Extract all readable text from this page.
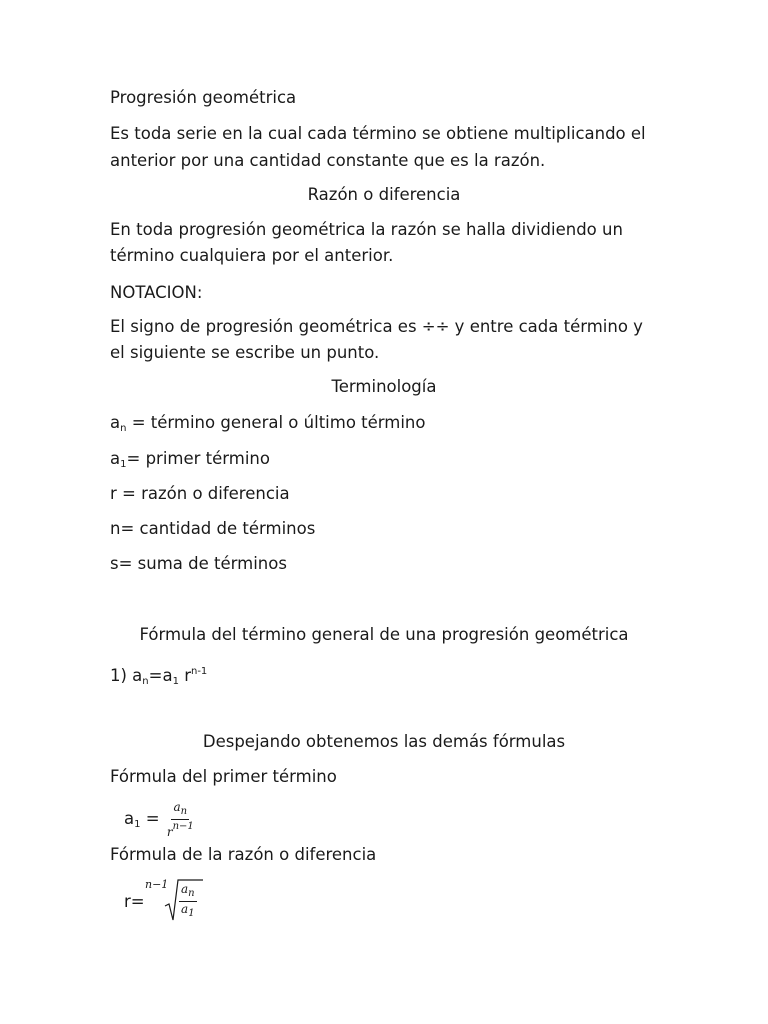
Progresión geométrica
Es toda serie en la cual cada término se obtiene multiplicando el
anterior por una cantidad constante que es la razón.
Razón o diferencia
En toda progresión geométrica la razón se halla dividiendo un
término cualquiera por el anterior.
NOTACION:
El signo de progresión geométrica es ÷÷ y entre cada término y
el siguiente se escribe un punto.
Terminología
$a_n$ = término general o último término
$a_1=$ primer término
r = razón o diferencia
n= cantidad de términos
s= suma de términos
Fórmula del término general de una progresión geométrica
1) $a_n=a_1$ $r^{n-1}$
Despejando obtenemos las demás fórmulas
Fórmula del primer término
$a_1 = \frac{a_n}{r^{n-1}}$
Fórmula de la razón o diferencia
r=
$n-1 \frac{a_n}{a_1}$
